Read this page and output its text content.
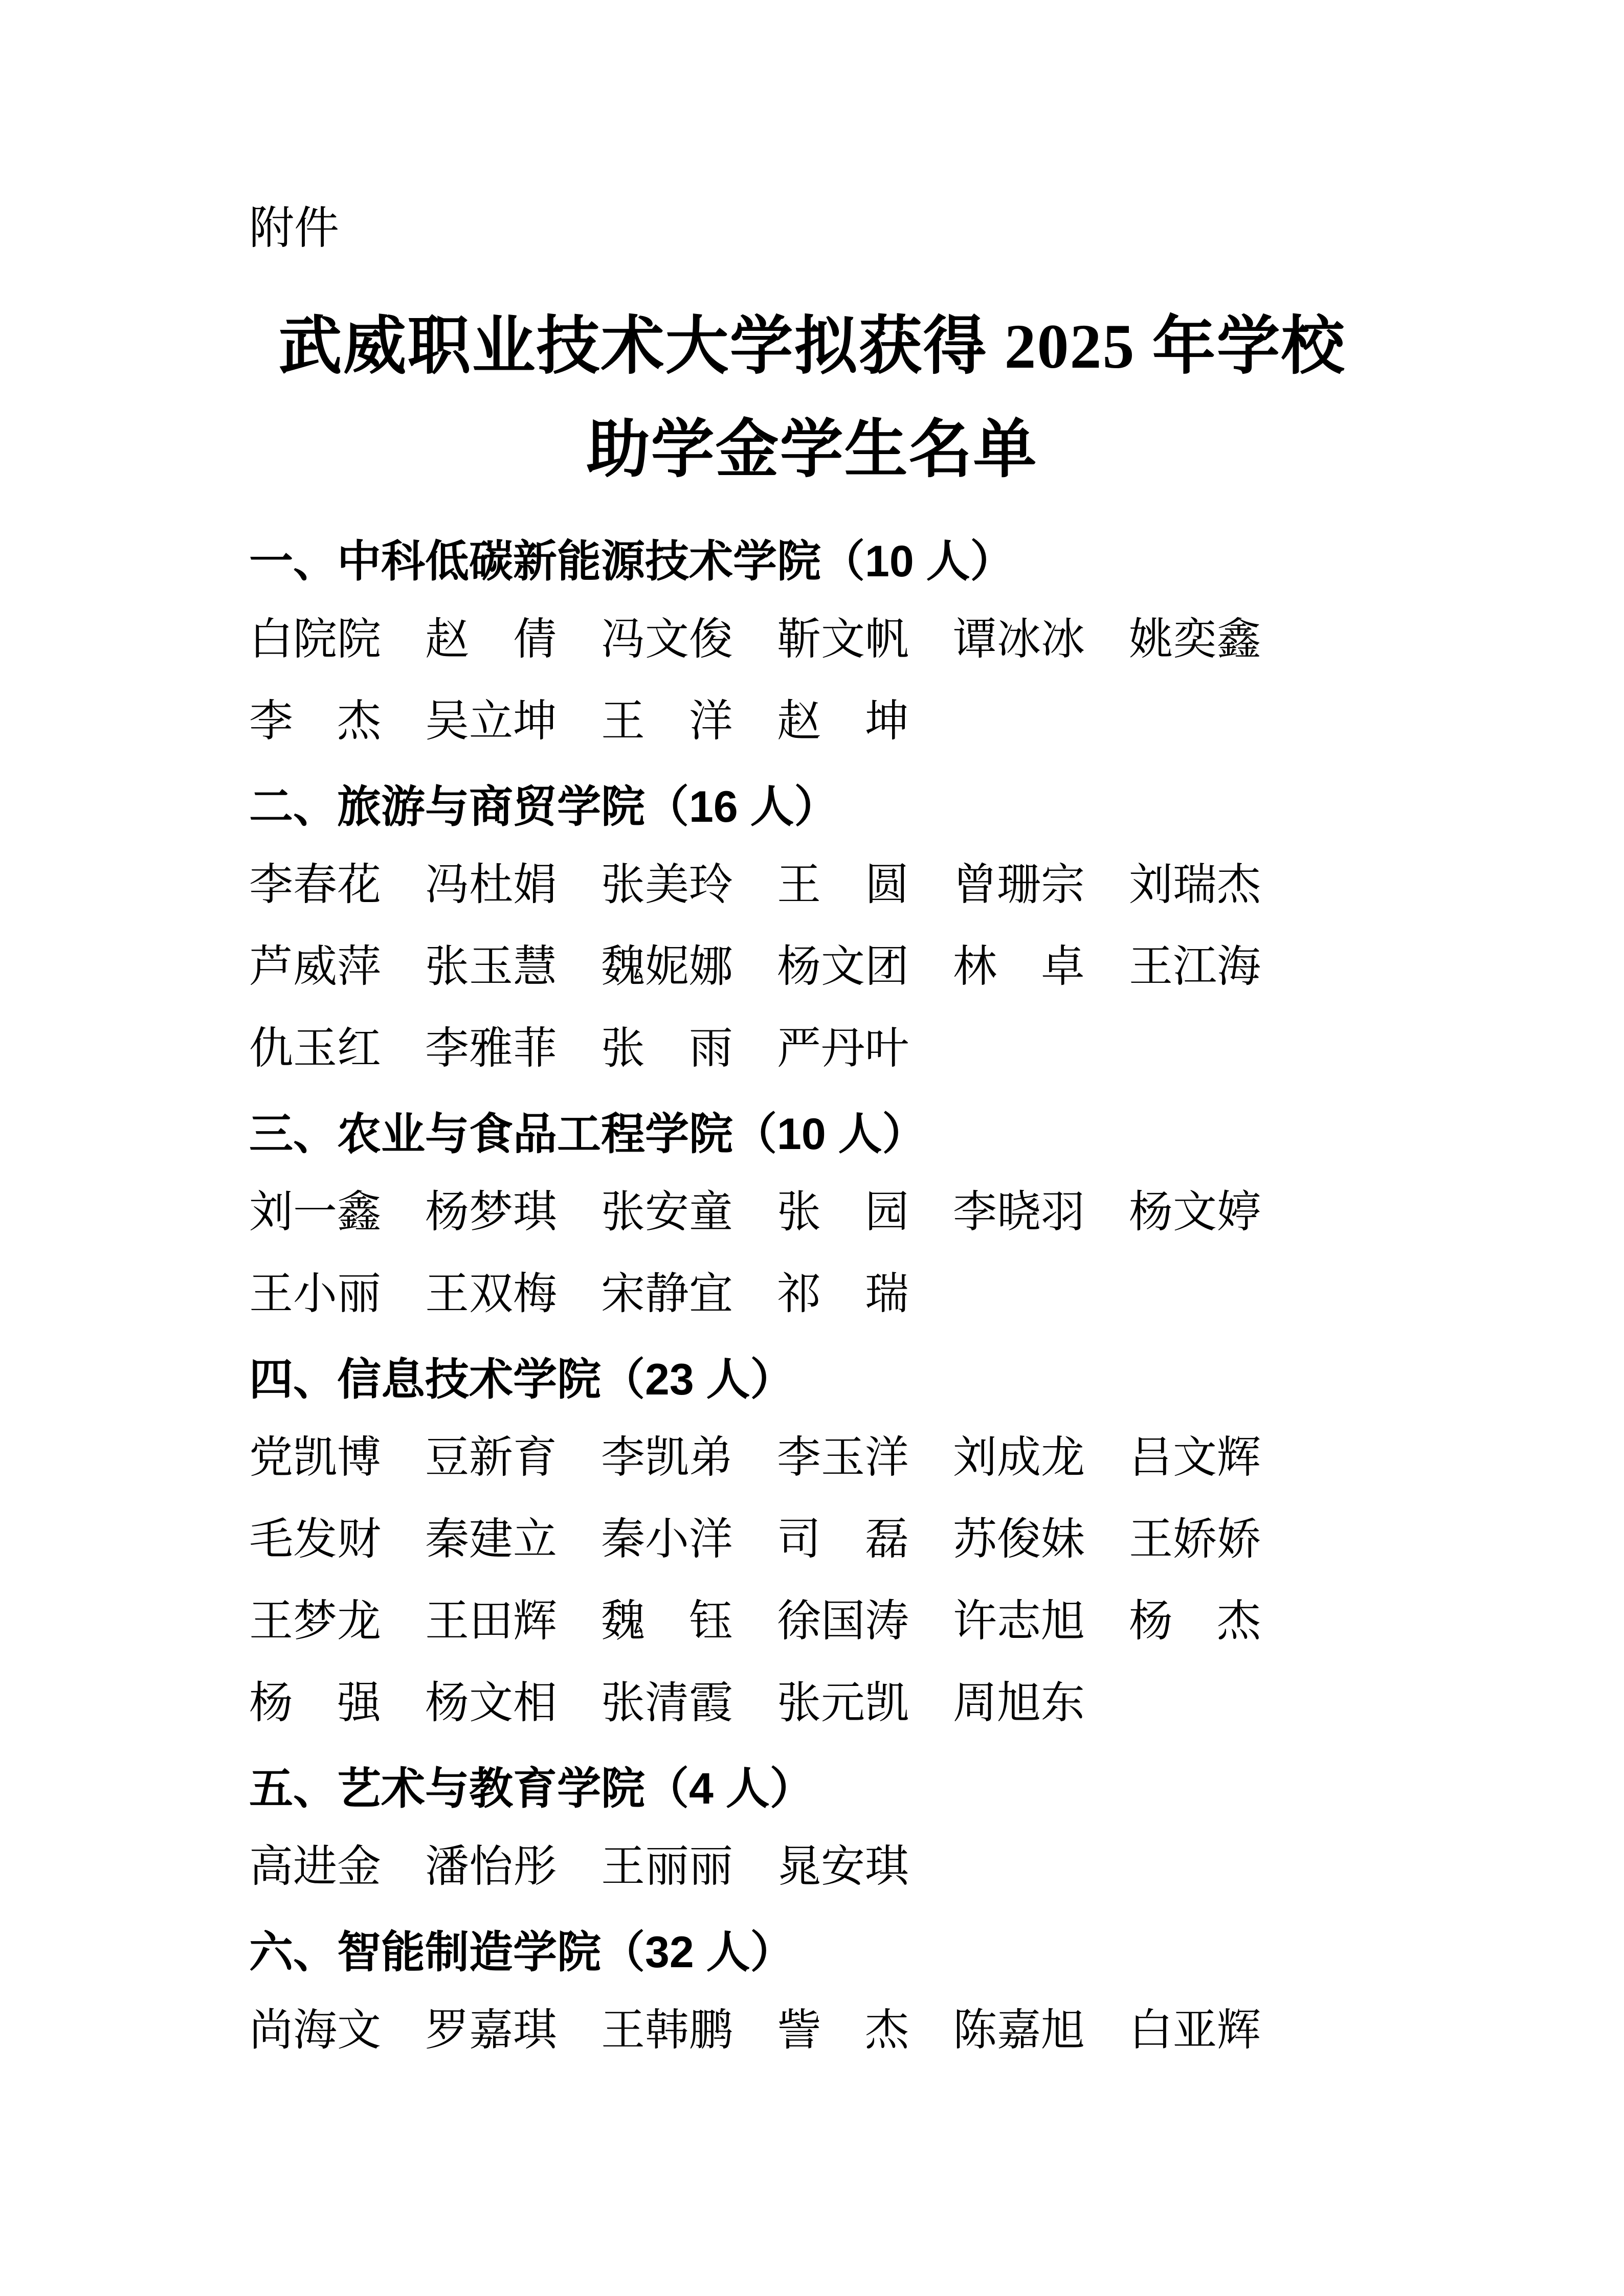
附件
武威职业技术大学拟获得 2025 年学校
助学金学生名单
一、中科低碳新能源技术学院（10 人）
白院院 赵　倩 冯文俊 靳文帆 谭冰冰 姚奕鑫
李　杰 吴立坤 王　洋 赵　坤
二、旅游与商贸学院（16 人）
李春花 冯杜娟 张美玲 王　圆 曾珊宗 刘瑞杰
芦威萍 张玉慧 魏妮娜 杨文团 林　卓 王江海
仇玉红 李雅菲 张　雨 严丹叶
三、农业与食品工程学院（10 人）
刘一鑫 杨梦琪 张安童 张　园 李晓羽 杨文婷
王小丽 王双梅 宋静宜 祁　瑞
四、信息技术学院（23 人）
党凯博 豆新育 李凯弟 李玉洋 刘成龙 吕文辉
毛发财 秦建立 秦小洋 司　磊 苏俊妹 王娇娇
王梦龙 王田辉 魏　钰 徐国涛 许志旭 杨　杰
杨　强 杨文相 张清霞 张元凯 周旭东
五、艺术与教育学院（4 人）
高进金 潘怡彤 王丽丽 晁安琪
六、智能制造学院（32 人）
尚海文 罗嘉琪 王韩鹏 訾　杰 陈嘉旭 白亚辉
